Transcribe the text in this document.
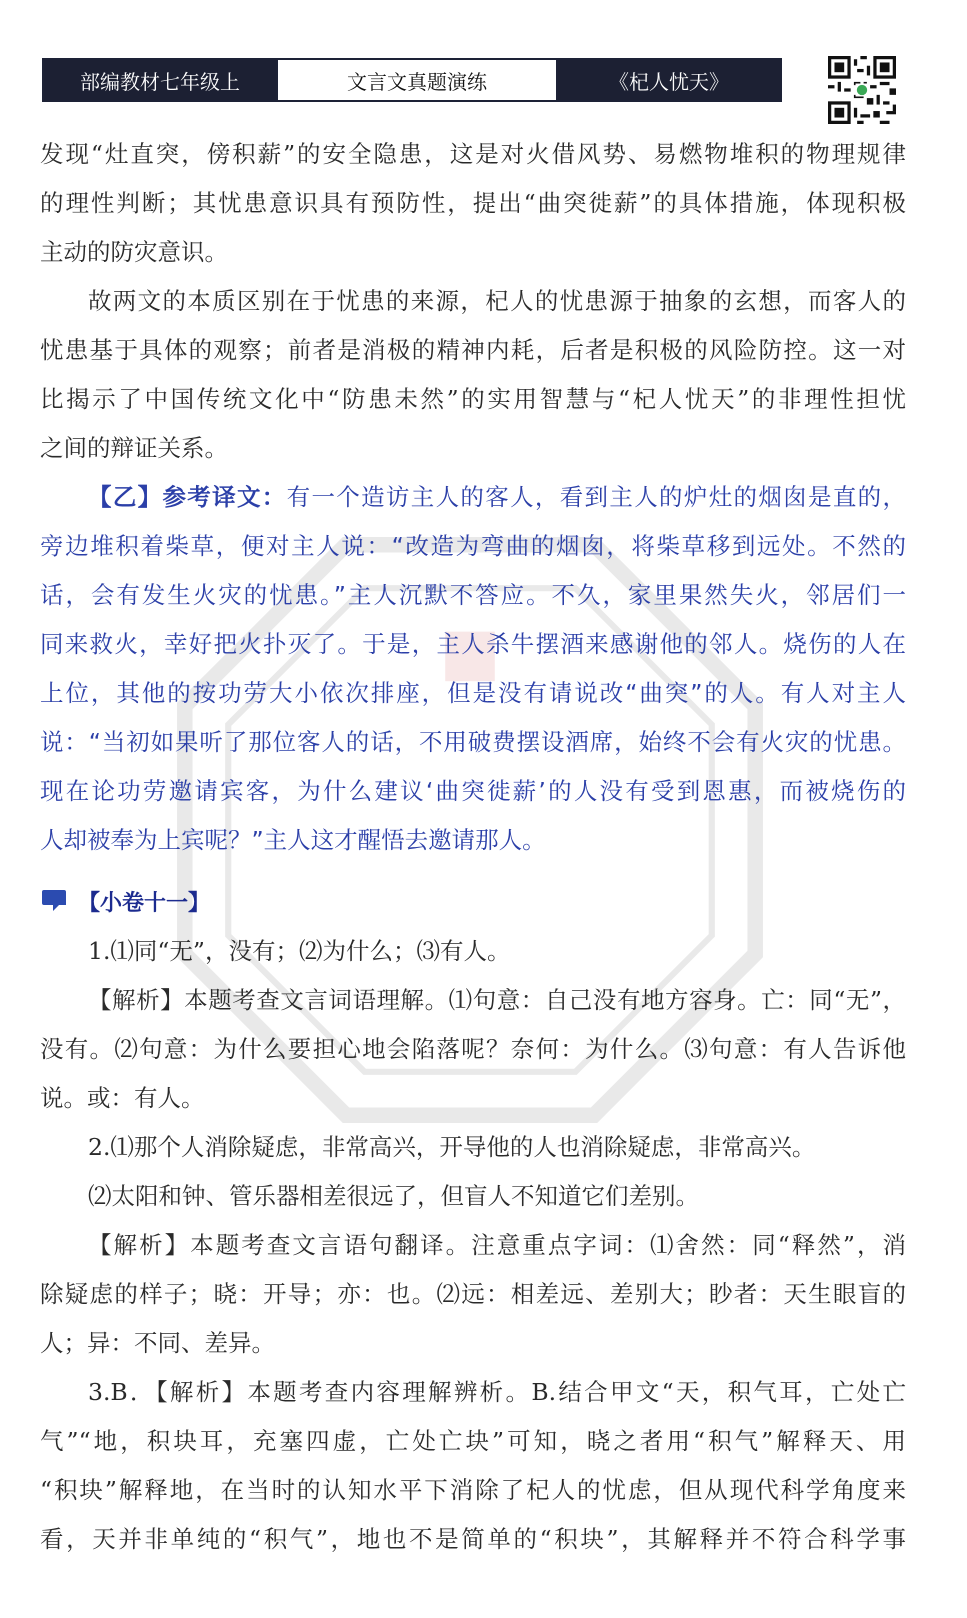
部编教材七年级上	文言文真题演练	《杞人忧天》
发现“灶直突，傍积薪”的安全隐患，这是对火借风势、易燃物堆积的物理规律
的理性判断；其忧患意识具有预防性，提出“曲突徙薪”的具体措施，体现积极
主动的防灾意识。
故两文的本质区别在于忧患的来源，杞人的忧患源于抽象的玄想，而客人的
忧患基于具体的观察；前者是消极的精神内耗，后者是积极的风险防控。这一对
比揭示了中国传统文化中“防患未然”的实用智慧与“杞人忧天”的非理性担忧
之间的辩证关系。
【乙】参考译文：有一个造访主人的客人，看到主人的炉灶的烟囱是直的，
旁边堆积着柴草，便对主人说：“改造为弯曲的烟囱，将柴草移到远处。不然的
话，会有发生火灾的忧患。”主人沉默不答应。不久，家里果然失火，邻居们一
同来救火，幸好把火扑灭了。于是，主人杀牛摆酒来感谢他的邻人。烧伤的人在
上位，其他的按功劳大小依次排座，但是没有请说改“曲突”的人。有人对主人
说：“当初如果听了那位客人的话，不用破费摆设酒席，始终不会有火灾的忧患。
现在论功劳邀请宾客，为什么建议‘曲突徙薪’的人没有受到恩惠，而被烧伤的
人却被奉为上宾呢？”主人这才醒悟去邀请那人。
【小卷十一】
1.⑴同“无”，没有；⑵为什么；⑶有人。
【解析】本题考查文言词语理解。⑴句意：自己没有地方容身。亡：同“无”，
没有。⑵句意：为什么要担心地会陷落呢？奈何：为什么。⑶句意：有人告诉他
说。或：有人。
2.⑴那个人消除疑虑，非常高兴，开导他的人也消除疑虑，非常高兴。
⑵太阳和钟、管乐器相差很远了，但盲人不知道它们差别。
【解析】本题考查文言语句翻译。注意重点字词：⑴舍然：同“释然”，消
除疑虑的样子；晓：开导；亦：也。⑵远：相差远、差别大；眇者：天生眼盲的
人；异：不同、差异。
3.B．【解析】本题考查内容理解辨析。B.结合甲文“天，积气耳，亡处亡
气”“地，积块耳，充塞四虚，亡处亡块”可知，晓之者用“积气”解释天、用
“积块”解释地，在当时的认知水平下消除了杞人的忧虑，但从现代科学角度来
看，天并非单纯的“积气”，地也不是简单的“积块”，其解释并不符合科学事
